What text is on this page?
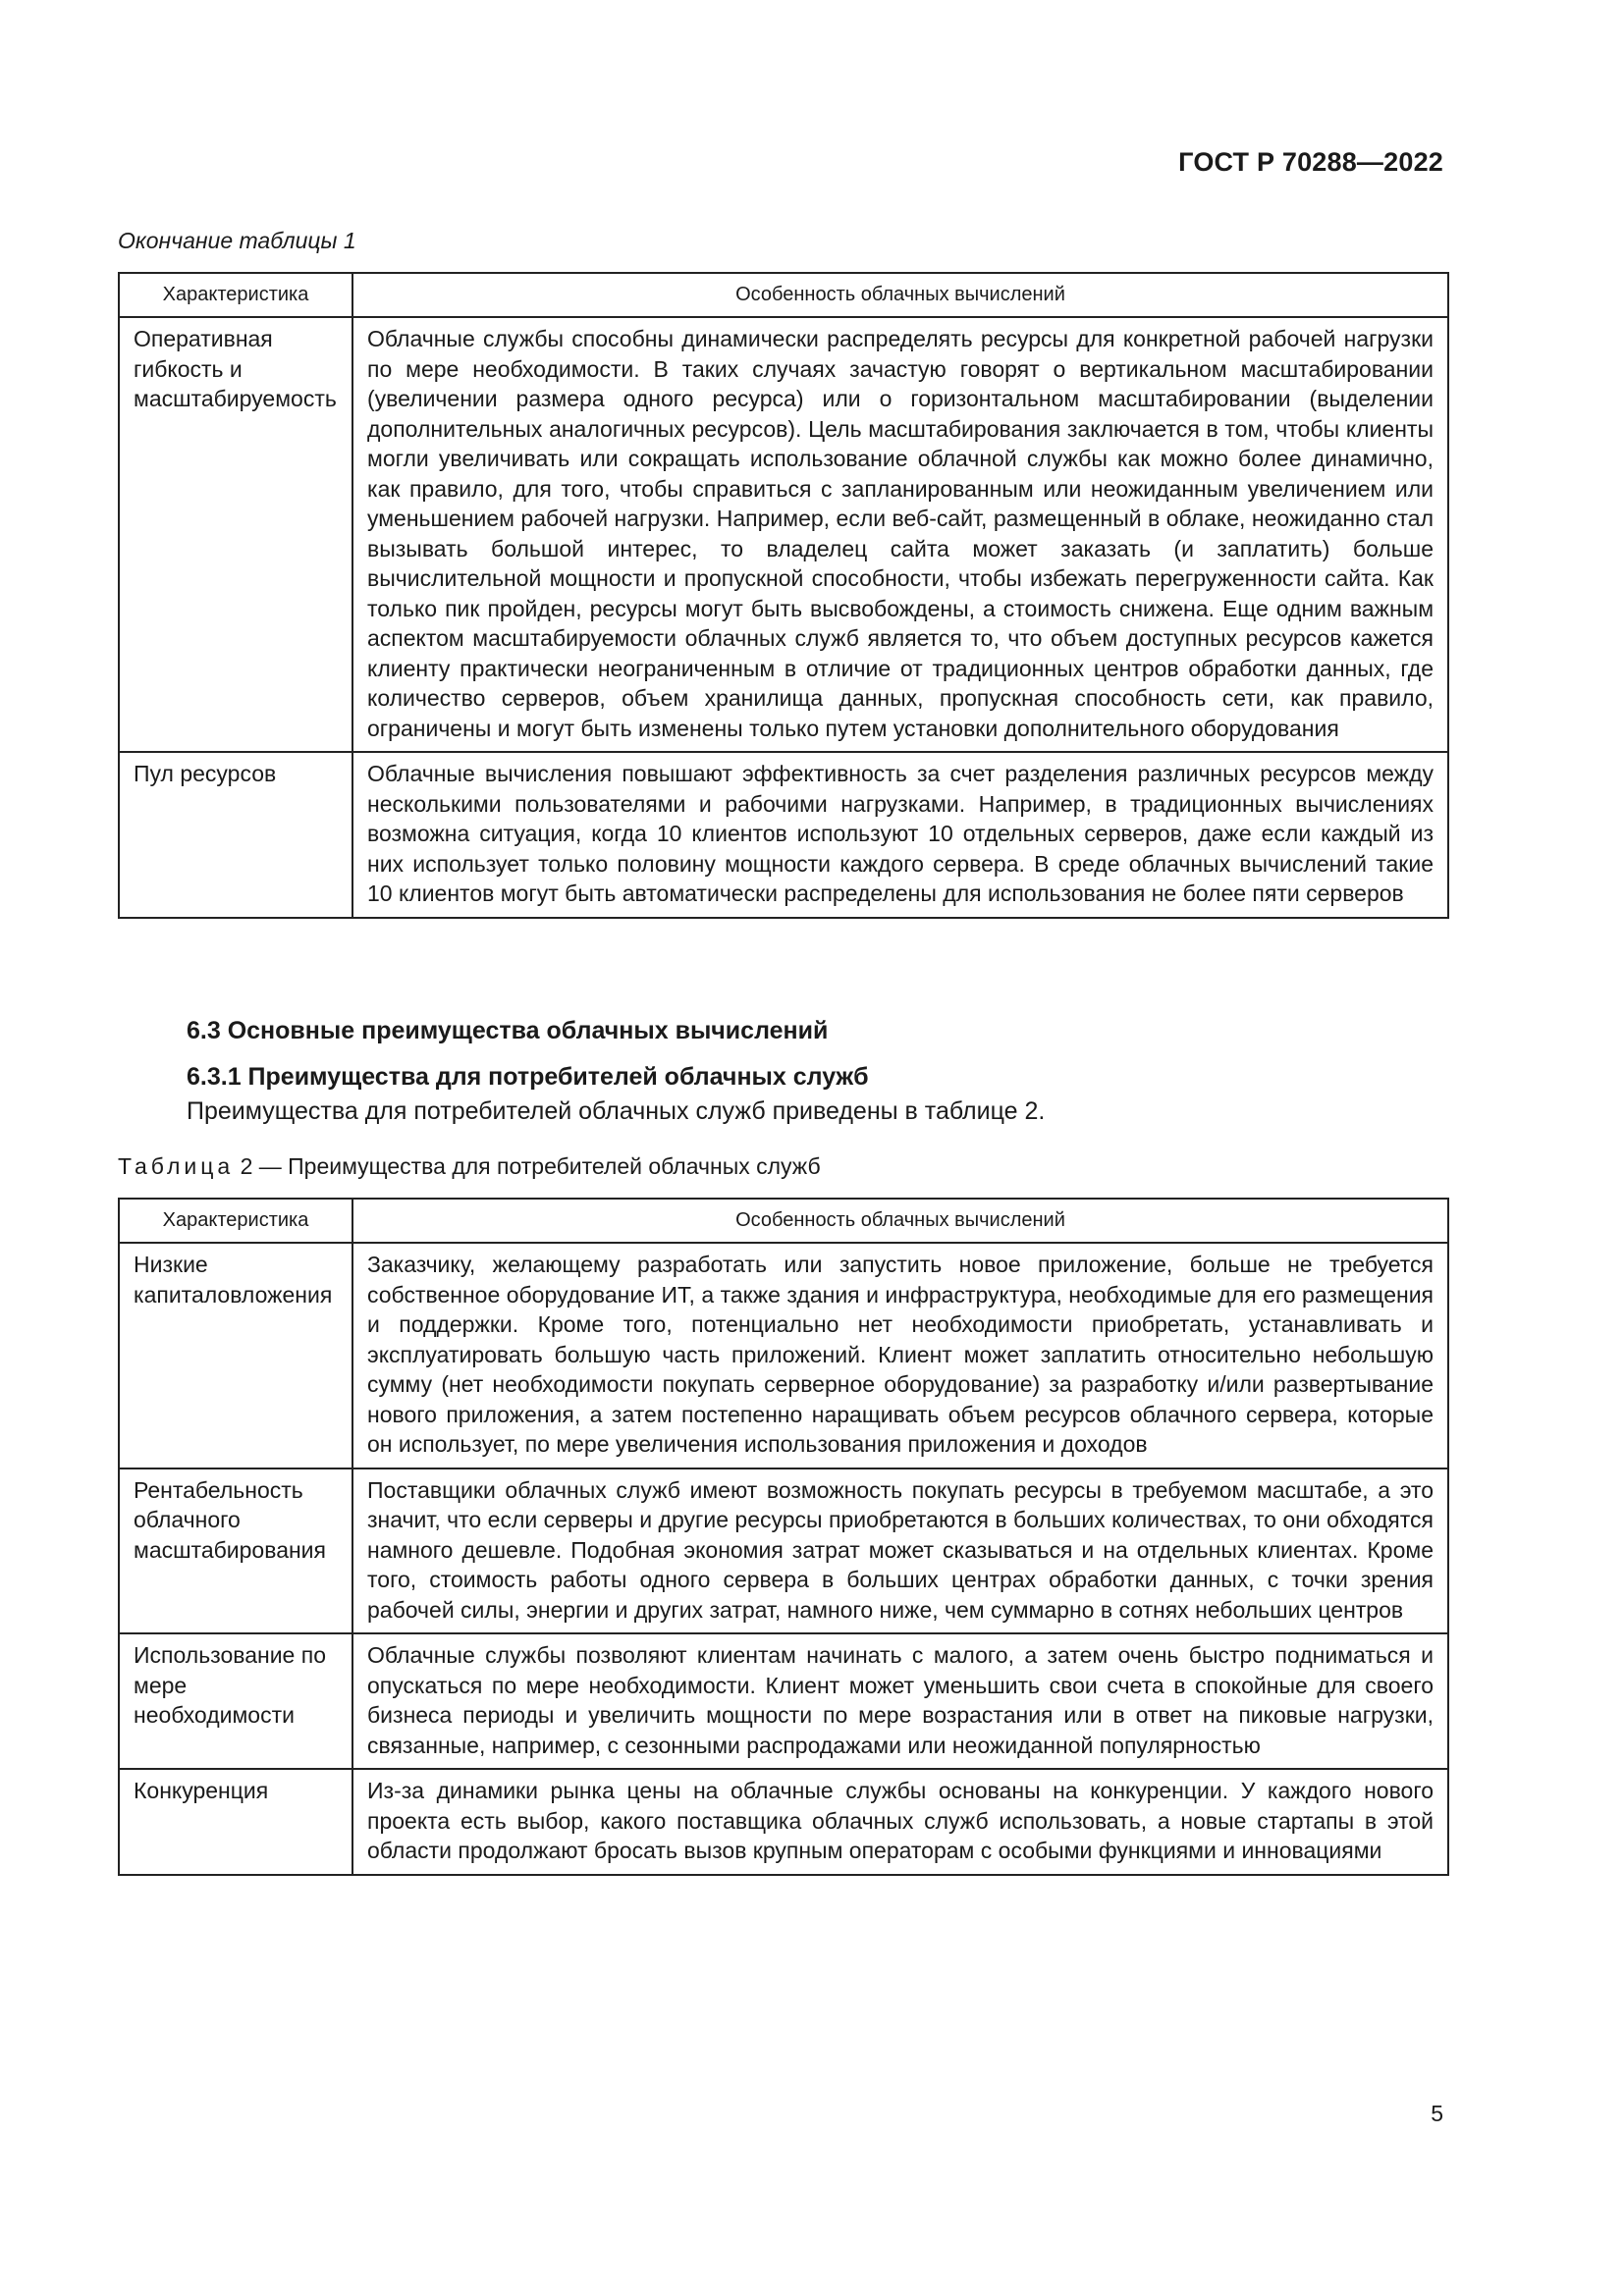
ГОСТ Р 70288—2022
Окончание таблицы 1
Характеристика	Особенность облачных вычислений
Оперативная гибкость и масштабируемость	Облачные службы способны динамически распределять ресурсы для конкретной рабочей нагрузки по мере необходимости. В таких случаях зачастую говорят о вертикальном масштабировании (увеличении размера одного ресурса) или о горизонтальном масштабировании (выделении дополнительных аналогичных ресурсов). Цель масштабирования заключается в том, чтобы клиенты могли увеличивать или сокращать использование облачной службы как можно более динамично, как правило, для того, чтобы справиться с запланированным или неожиданным увеличением или уменьшением рабочей нагрузки. Например, если веб-сайт, размещенный в облаке, неожиданно стал вызывать большой интерес, то владелец сайта может заказать (и заплатить) больше вычислительной мощности и пропускной способности, чтобы избежать перегруженности сайта. Как только пик пройден, ресурсы могут быть высвобождены, а стоимость снижена. Еще одним важным аспектом масштабируемости облачных служб является то, что объем доступных ресурсов кажется клиенту практически неограниченным в отличие от традиционных центров обработки данных, где количество серверов, объем хранилища данных, пропускная способность сети, как правило, ограничены и могут быть изменены только путем установки дополнительного оборудования
Пул ресурсов	Облачные вычисления повышают эффективность за счет разделения различных ресурсов между несколькими пользователями и рабочими нагрузками. Например, в традиционных вычислениях возможна ситуация, когда 10 клиентов используют 10 отдельных серверов, даже если каждый из них использует только половину мощности каждого сервера. В среде облачных вычислений такие 10 клиентов могут быть автоматически распределены для использования не более пяти серверов
6.3 Основные преимущества облачных вычислений
6.3.1 Преимущества для потребителей облачных служб
Преимущества для потребителей облачных служб приведены в таблице 2.
Таблица 2 — Преимущества для потребителей облачных служб
Характеристика	Особенность облачных вычислений
Низкие капиталовложения	Заказчику, желающему разработать или запустить новое приложение, больше не требуется собственное оборудование ИТ, а также здания и инфраструктура, необходимые для его размещения и поддержки. Кроме того, потенциально нет необходимости приобретать, устанавливать и эксплуатировать большую часть приложений. Клиент может заплатить относительно небольшую сумму (нет необходимости покупать серверное оборудование) за разработку и/или развертывание нового приложения, а затем постепенно наращивать объем ресурсов облачного сервера, которые он использует, по мере увеличения использования приложения и доходов
Рентабельность облачного масштабирования	Поставщики облачных служб имеют возможность покупать ресурсы в требуемом масштабе, а это значит, что если серверы и другие ресурсы приобретаются в больших количествах, то они обходятся намного дешевле. Подобная экономия затрат может сказываться и на отдельных клиентах. Кроме того, стоимость работы одного сервера в больших центрах обработки данных, с точки зрения рабочей силы, энергии и других затрат, намного ниже, чем суммарно в сотнях небольших центров
Использование по мере необходимости	Облачные службы позволяют клиентам начинать с малого, а затем очень быстро подниматься и опускаться по мере необходимости. Клиент может уменьшить свои счета в спокойные для своего бизнеса периоды и увеличить мощности по мере возрастания или в ответ на пиковые нагрузки, связанные, например, с сезонными распродажами или неожиданной популярностью
Конкуренция	Из-за динамики рынка цены на облачные службы основаны на конкуренции. У каждого нового проекта есть выбор, какого поставщика облачных служб использовать, а новые стартапы в этой области продолжают бросать вызов крупным операторам с особыми функциями и инновациями
5
